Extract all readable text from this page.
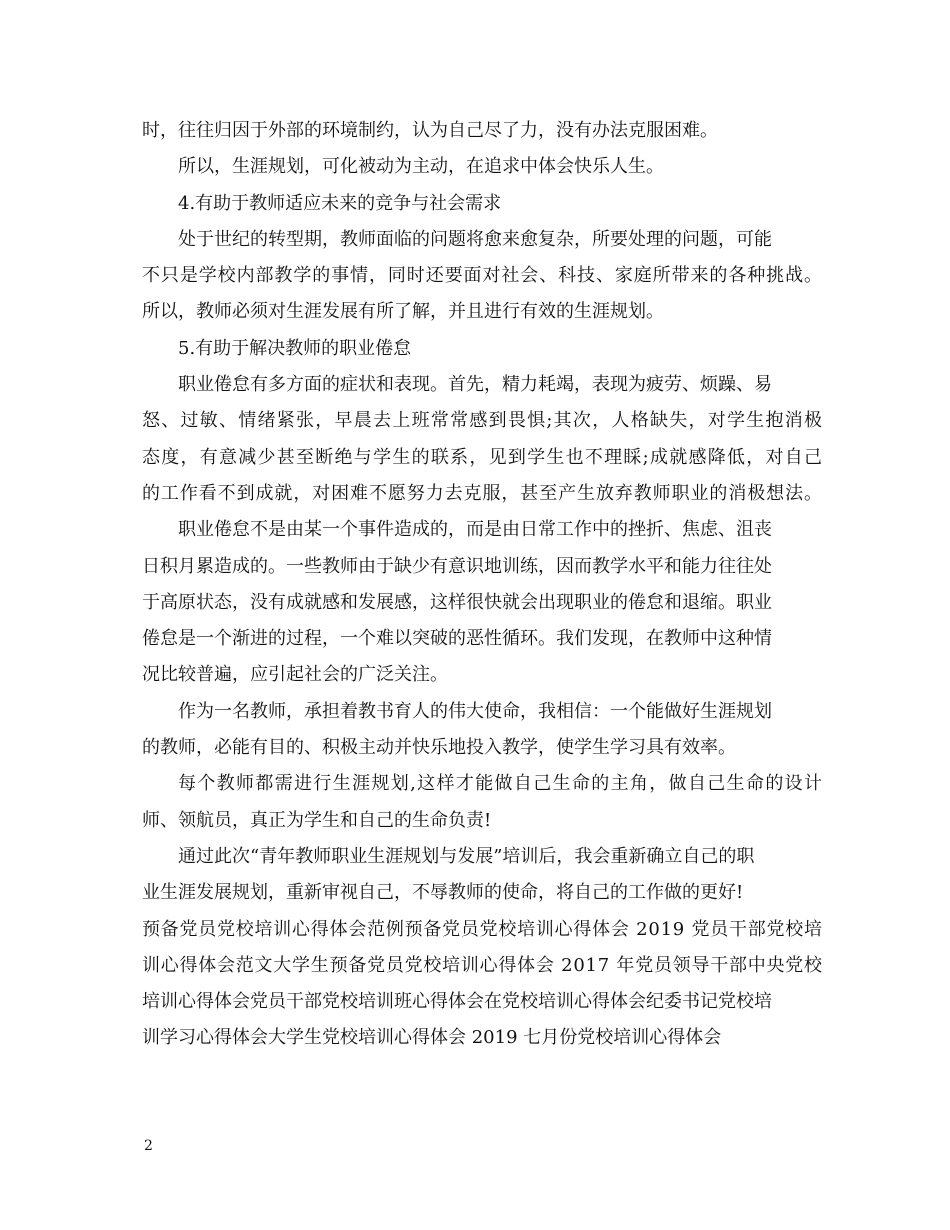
时，往往归因于外部的环境制约，认为自己尽了力，没有办法克服困难。
所以，生涯规划，可化被动为主动，在追求中体会快乐人生。
4.有助于教师适应未来的竞争与社会需求
处于世纪的转型期，教师面临的问题将愈来愈复杂，所要处理的问题，可能
不只是学校内部教学的事情，同时还要面对社会、科技、家庭所带来的各种挑战。
所以，教师必须对生涯发展有所了解，并且进行有效的生涯规划。
5.有助于解决教师的职业倦怠
职业倦怠有多方面的症状和表现。首先，精力耗竭，表现为疲劳、烦躁、易
怒、过敏、情绪紧张，早晨去上班常常感到畏惧;其次，人格缺失，对学生抱消极
态度，有意减少甚至断绝与学生的联系，见到学生也不理睬;成就感降低，对自己
的工作看不到成就，对困难不愿努力去克服，甚至产生放弃教师职业的消极想法。
职业倦怠不是由某一个事件造成的，而是由日常工作中的挫折、焦虑、沮丧
日积月累造成的。一些教师由于缺少有意识地训练，因而教学水平和能力往往处
于高原状态，没有成就感和发展感，这样很快就会出现职业的倦怠和退缩。职业
倦怠是一个渐进的过程，一个难以突破的恶性循环。我们发现，在教师中这种情
况比较普遍，应引起社会的广泛关注。
作为一名教师，承担着教书育人的伟大使命，我相信：一个能做好生涯规划
的教师，必能有目的、积极主动并快乐地投入教学，使学生学习具有效率。
每个教师都需进行生涯规划,这样才能做自己生命的主角，做自己生命的设计
师、领航员，真正为学生和自己的生命负责!
通过此次“青年教师职业生涯规划与发展”培训后，我会重新确立自己的职
业生涯发展规划，重新审视自己，不辱教师的使命，将自己的工作做的更好!
预备党员党校培训心得体会范例预备党员党校培训心得体会 2019 党员干部党校培
训心得体会范文大学生预备党员党校培训心得体会 2017 年党员领导干部中央党校
培训心得体会党员干部党校培训班心得体会在党校培训心得体会纪委书记党校培
训学习心得体会大学生党校培训心得体会 2019 七月份党校培训心得体会
2
